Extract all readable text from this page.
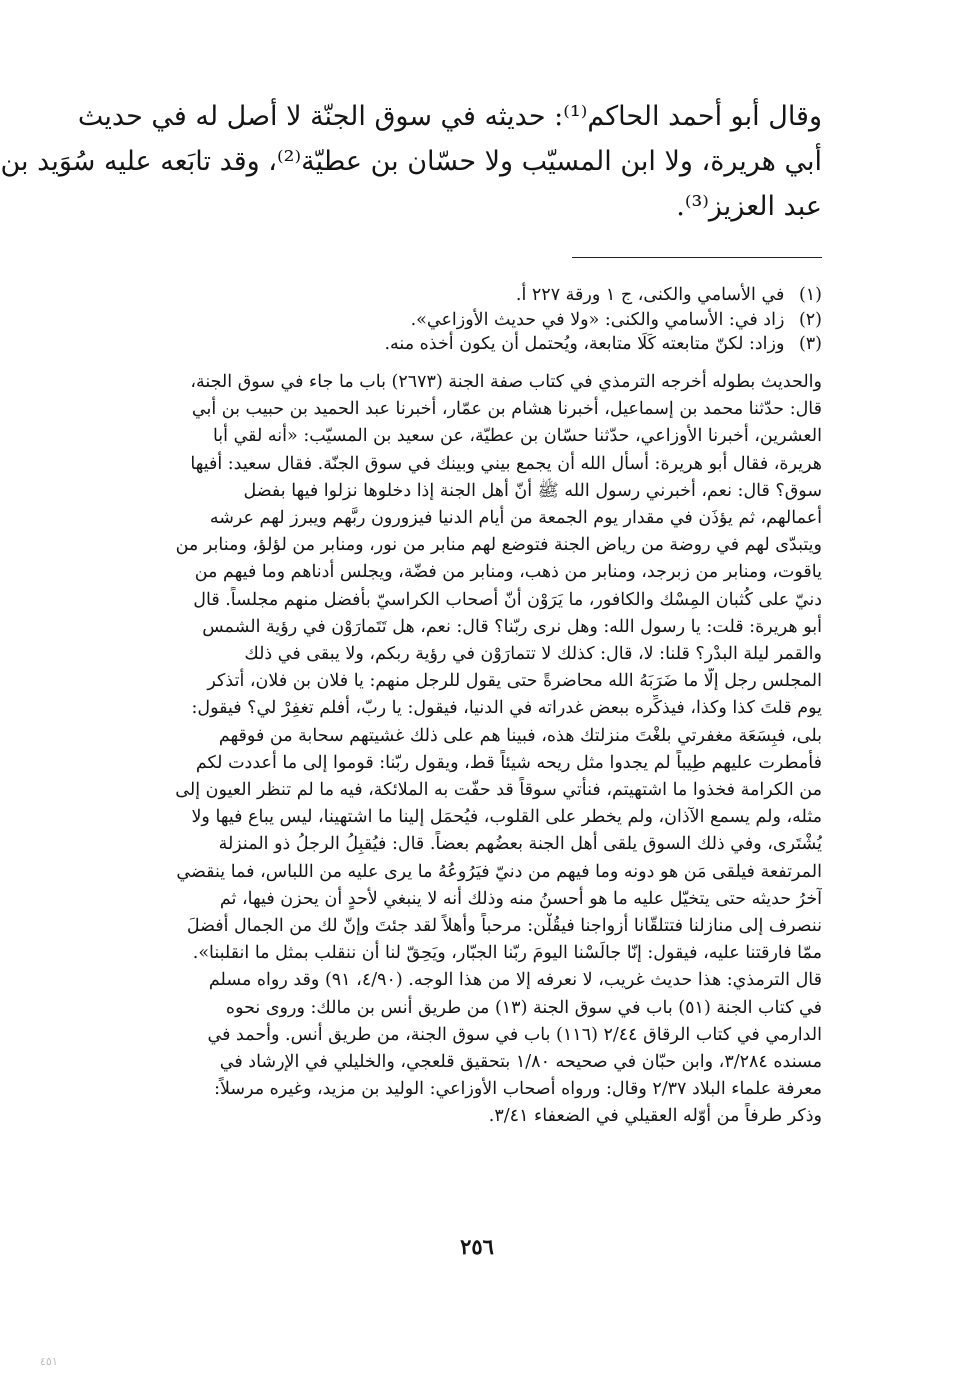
وقال أبو أحمد الحاكم⁽¹⁾: حديثه في سوق الجنّة لا أصل له في حديث
أبي هريرة، ولا ابن المسيّب ولا حسّان بن عطيّة⁽²⁾، وقد تابَعه عليه سُوَيد بن
عبد العزيز⁽³⁾.

(١) في الأسامي والكنى، ج ١ ورقة ٢٢٧ أ.
(٢) زاد في: الأسامي والكنى: «ولا في حديث الأوزاعي».
(٣) وزاد: لكنّ متابعته كَلَا متابعة، ويُحتمل أن يكون أخذه منه.
والحديث بطوله أخرجه الترمذي في كتاب صفة الجنة (٢٦٧٣) باب ما جاء في سوق الجنة،
قال: حدّثنا محمد بن إسماعيل، أخبرنا هشام بن عمّار، أخبرنا عبد الحميد بن حبيب بن أبي
العشرين، أخبرنا الأوزاعي، حدّثنا حسّان بن عطيّة، عن سعيد بن المسيّب: «أنه لقي أبا
هريرة، فقال أبو هريرة: أسأل الله أن يجمع بيني وبينك في سوق الجنّة. فقال سعيد: أفيها
سوق؟ قال: نعم، أخبرني رسول الله ﷺ أنّ أهل الجنة إذا دخلوها نزلوا فيها بفضل
أعمالهم، ثم يؤذَن في مقدار يوم الجمعة من أيام الدنيا فيزورون ربَّهم ويبرز لهم عرشه
ويتبدّى لهم في روضة من رياض الجنة فتوضع لهم منابر من نور، ومنابر من لؤلؤ، ومنابر من
ياقوت، ومنابر من زبرجد، ومنابر من ذهب، ومنابر من فضّة، ويجلس أدناهم وما فيهم من
دنيّ على كُثبان المِسْك والكافور، ما يَرَوْن أنّ أصحاب الكراسيّ بأفضل منهم مجلساً. قال
أبو هريرة: قلت: يا رسول الله: وهل نرى ربّنا؟ قال: نعم، هل تَتَمارَوْن في رؤية الشمس
والقمر ليلة البدْر؟ قلنا: لا، قال: كذلك لا تتمارَوْن في رؤية ربكم، ولا يبقى في ذلك
المجلس رجل إلّا ما ضَرَبَهُ الله محاضرةً حتى يقول للرجل منهم: يا فلان بن فلان، أتذكر
يوم قلتَ كذا وكذا، فيذكِّره ببعض غدراته في الدنيا، فيقول: يا ربّ، أفلم تغفِرْ لي؟ فيقول:
بلى، فبِسَعَة مغفرتي بلغْتَ منزلتك هذه، فبينا هم على ذلك غشيتهم سحابة من فوقهم
فأمطرت عليهم طِيباً لم يجدوا مثل ريحه شيئاً قط، ويقول ربّنا: قوموا إلى ما أعددت لكم
من الكرامة فخذوا ما اشتهيتم، فنأتي سوقاً قد حفّت به الملائكة، فيه ما لم تنظر العيون إلى
مثله، ولم يسمع الآذان، ولم يخطر على القلوب، فيُحمَل إلينا ما اشتهينا، ليس يباع فيها ولا
يُشْتَرى، وفي ذلك السوق يلقى أهل الجنة بعضُهم بعضاً. قال: فيُقبِلُ الرجلُ ذو المنزلة
المرتفعة فيلقى مَن هو دونه وما فيهم من دنيّ فيَرُوعُهُ ما يرى عليه من اللباس، فما ينقضي
آخرُ حديثه حتى يتخيّل عليه ما هو أحسنُ منه وذلك أنه لا ينبغي لأحدٍ أن يحزن فيها، ثم
ننصرف إلى منازلنا فتتلقّانا أزواجنا فيقُلْن: مرحباً وأهلاً لقد جئتَ وإنّ لك من الجمال أفضلَ
ممّا فارقتنا عليه، فيقول: إنّا جالَسْنا اليومَ ربّنا الجبّار، ويَحِقّ لنا أن ننقلب بمثل ما انقلبنا».
قال الترمذي: هذا حديث غريب، لا نعرفه إلا من هذا الوجه. (٤/٩٠، ٩١) وقد رواه مسلم
في كتاب الجنة (٥١) باب في سوق الجنة (١٣) من طريق أنس بن مالك: وروى نحوه
الدارمي في كتاب الرقاق ٢/٤٤ (١١٦) باب في سوق الجنة، من طريق أنس. وأحمد في
مسنده ٣/٢٨٤، وابن حبّان في صحيحه ١/٨٠ بتحقيق قلعجي، والخليلي في الإرشاد في
معرفة علماء البلاد ٢/٣٧ وقال: ورواه أصحاب الأوزاعي: الوليد بن مزيد، وغيره مرسلاً:
وذكر طرفاً من أوّله العقيلي في الضعفاء ٣/٤١.
٢٥٦
٤٥١
